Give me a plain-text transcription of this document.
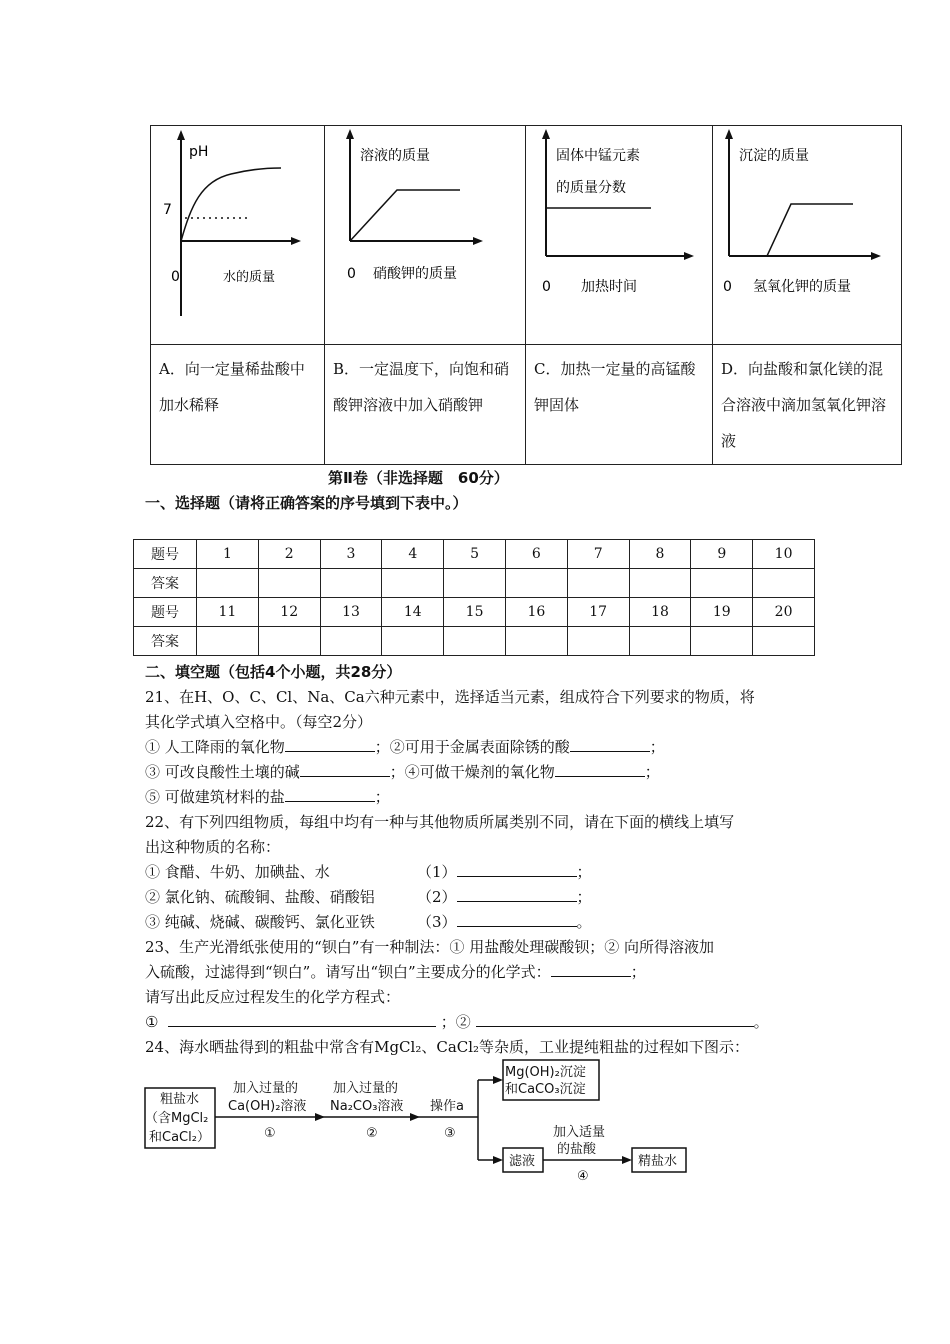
pH
7
0 水的质量	溶液的质量
0 硝酸钾的质量	固体中锰元素
的质量分数
0 加热时间	沉淀的质量
0 氢氧化钾的质量

A．向一定量稀盐酸中加水稀释	B．一定温度下，向饱和硝酸钾溶液中加入硝酸钾	C．加热一定量的高锰酸钾固体	D．向盐酸和氯化镁的混合溶液中滴加氢氧化钾溶液
第Ⅱ卷（非选择题　60分）
一、选择题（请将正确答案的序号填到下表中。）
题号	1	2	3	4	5	6	7	8	9	10
答案										
题号	11	12	13	14	15	16	17	18	19	20
答案										
二、填空题（包括4个小题，共28分）
21、在H、O、C、Cl、Na、Ca六种元素中，选择适当元素，组成符合下列要求的物质，将
其化学式填入空格中。（每空2分）
① 人工降雨的氧化物	；②可用于金属表面除锈的酸	；
③ 可改良酸性土壤的碱	；④可做干燥剂的氧化物	；
⑤ 可做建筑材料的盐	；
22、有下列四组物质，每组中均有一种与其他物质所属类别不同，请在下面的横线上填写
出这种物质的名称：
① 食醋、牛奶、加碘盐、水	（1）	；
② 氯化钠、硫酸铜、盐酸、硝酸铝	（2）	；
③ 纯碱、烧碱、碳酸钙、氯化亚铁	（3）	。
23、生产光滑纸张使用的“钡白”有一种制法：① 用盐酸处理碳酸钡；② 向所得溶液加
入硫酸，过滤得到“钡白”。请写出“钡白”主要成分的化学式：	；
请写出此反应过程发生的化学方程式：
①	；②	。
24、海水晒盐得到的粗盐中常含有MgCl₂、CaCl₂等杂质，工业提纯粗盐的过程如下图示：
粗盐水
（含MgCl₂
和CaCl₂）
加入过量的
Ca(OH)₂溶液
①
加入过量的
Na₂CO₃溶液
②
操作a
③
Mg(OH)₂沉淀
和CaCO₃沉淀
滤液
加入适量
的盐酸
④
精盐水
